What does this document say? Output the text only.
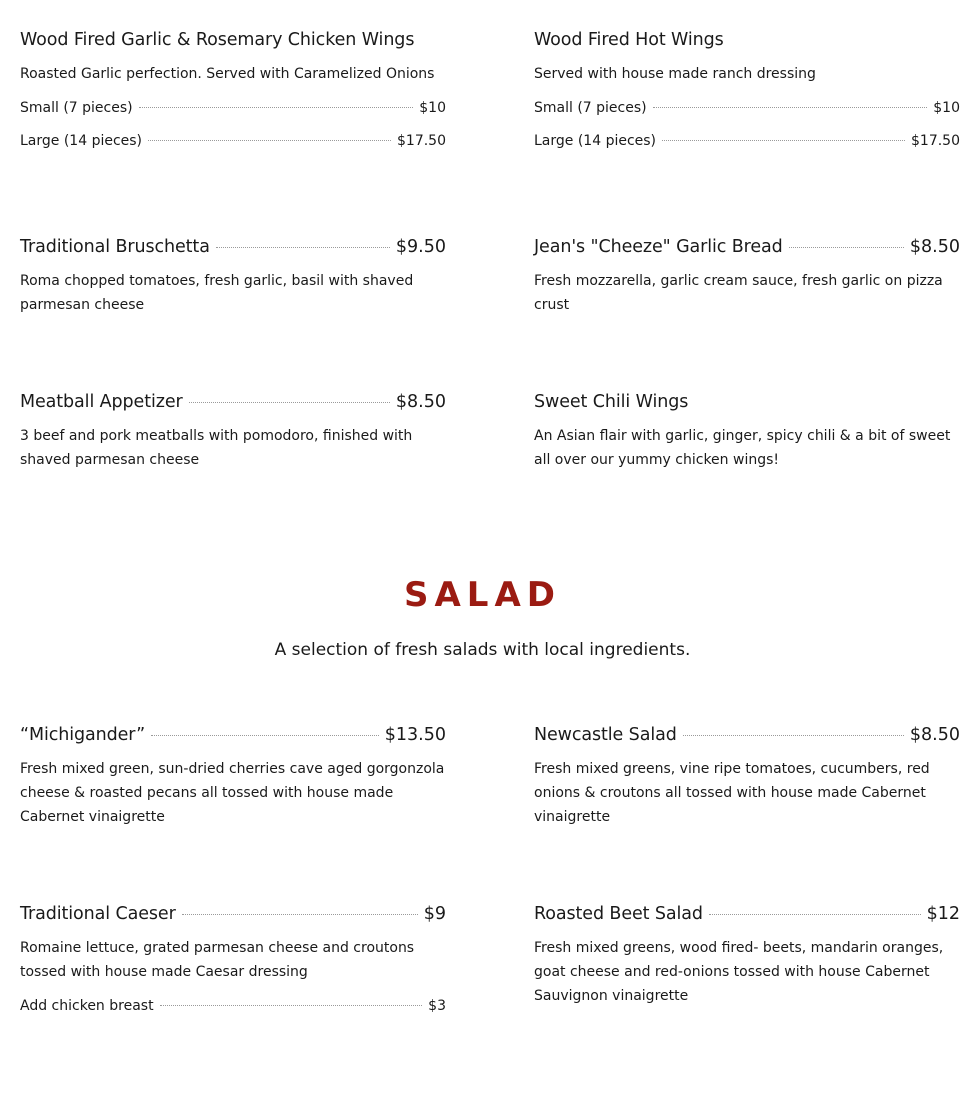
Wood Fired Garlic & Rosemary Chicken Wings

Roasted Garlic perfection. Served with Caramelized Onions

Small (7 pieces)	$10
Large (14 pieces)	$17.50
Wood Fired Hot Wings

Served with house made ranch dressing

Small (7 pieces)	$10
Large (14 pieces)	$17.50
Traditional Bruschetta	$9.50

Roma chopped tomatoes, fresh garlic, basil with shaved parmesan cheese

Jean's "Cheeze" Garlic Bread	$8.50

Fresh mozzarella, garlic cream sauce, fresh garlic on pizza crust

Meatball Appetizer	$8.50

3 beef and pork meatballs with pomodoro, finished with shaved parmesan cheese

Sweet Chili Wings

An Asian flair with garlic, ginger, spicy chili & a bit of sweet all over our yummy chicken wings!

SALAD
A selection of fresh salads with local ingredients.
“Michigander”	$13.50

Fresh mixed green, sun-dried cherries cave aged gorgonzola cheese & roasted pecans all tossed with house made Cabernet vinaigrette

Newcastle Salad	$8.50

Fresh mixed greens, vine ripe tomatoes, cucumbers, red onions & croutons all tossed with house made Cabernet vinaigrette

Traditional Caeser	$9

Romaine lettuce, grated parmesan cheese and croutons tossed with house made Caesar dressing

Add chicken breast	$3
Roasted Beet Salad	$12

Fresh mixed greens, wood fired- beets, mandarin oranges, goat cheese and red-onions tossed with house Cabernet Sauvignon vinaigrette
